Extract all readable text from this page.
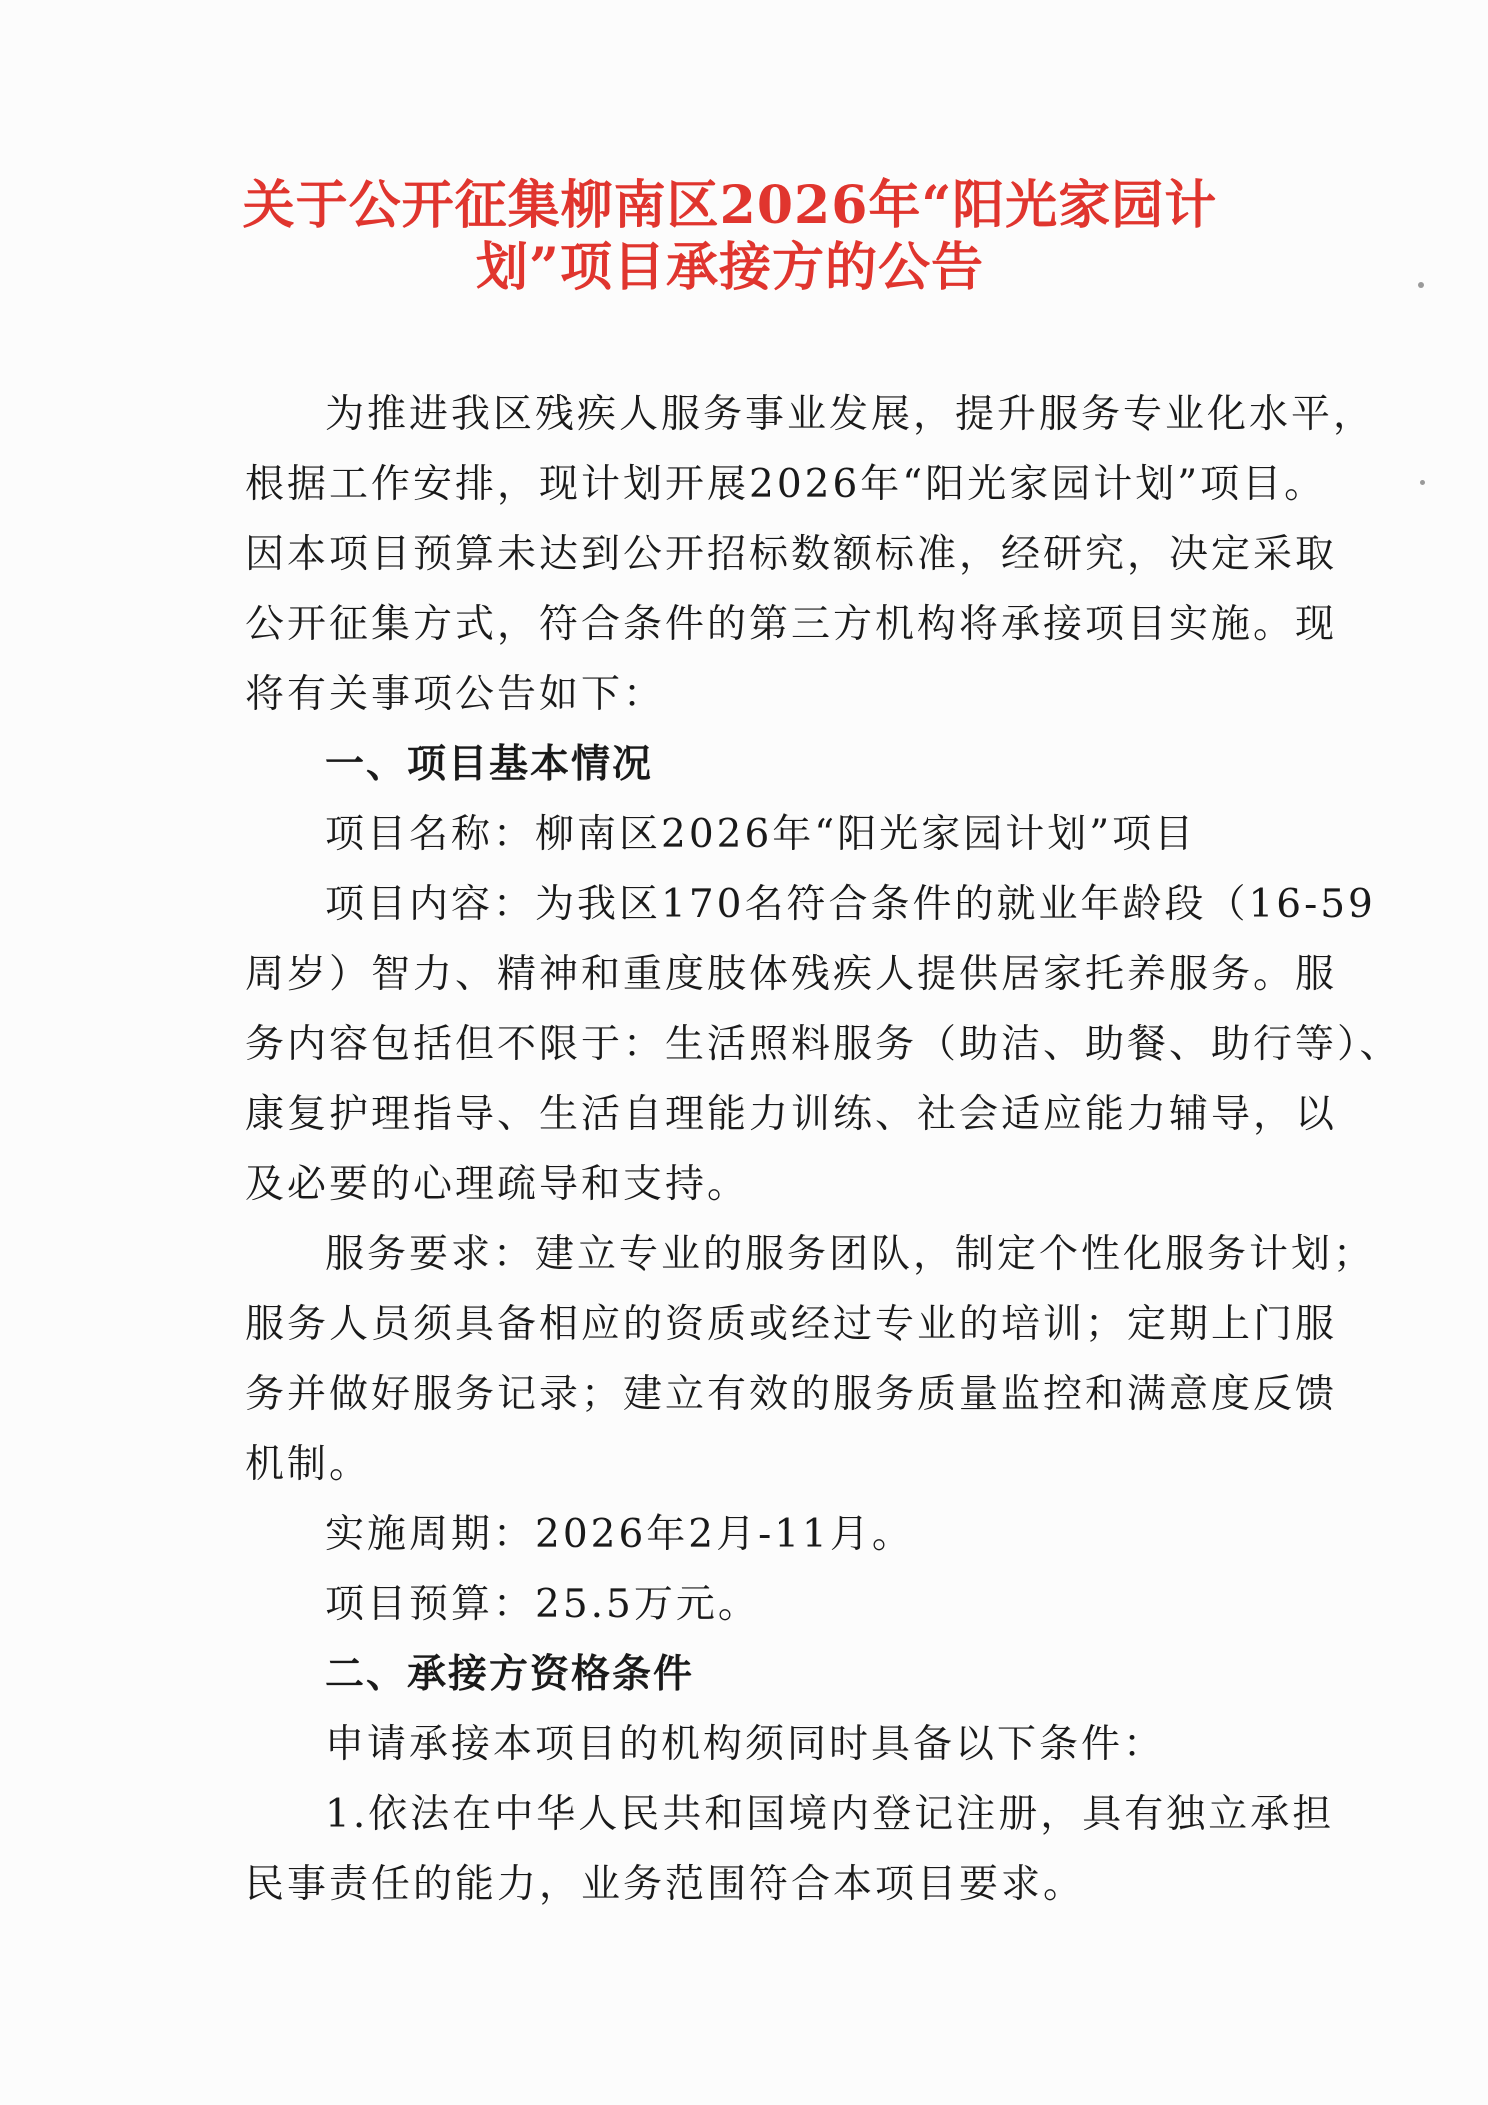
关于公开征集柳南区2026年“阳光家园计
划”项目承接方的公告
为推进我区残疾人服务事业发展，提升服务专业化水平，
根据工作安排，现计划开展2026年“阳光家园计划”项目。
因本项目预算未达到公开招标数额标准，经研究，决定采取
公开征集方式，符合条件的第三方机构将承接项目实施。现
将有关事项公告如下：
一、项目基本情况
项目名称：柳南区2026年“阳光家园计划”项目
项目内容：为我区170名符合条件的就业年龄段（16-59
周岁）智力、精神和重度肢体残疾人提供居家托养服务。服
务内容包括但不限于：生活照料服务（助洁、助餐、助行等）、
康复护理指导、生活自理能力训练、社会适应能力辅导，以
及必要的心理疏导和支持。
服务要求：建立专业的服务团队，制定个性化服务计划；
服务人员须具备相应的资质或经过专业的培训；定期上门服
务并做好服务记录；建立有效的服务质量监控和满意度反馈
机制。
实施周期：2026年2月-11月。
项目预算：25.5万元。
二、承接方资格条件
申请承接本项目的机构须同时具备以下条件：
1.依法在中华人民共和国境内登记注册，具有独立承担
民事责任的能力，业务范围符合本项目要求。
